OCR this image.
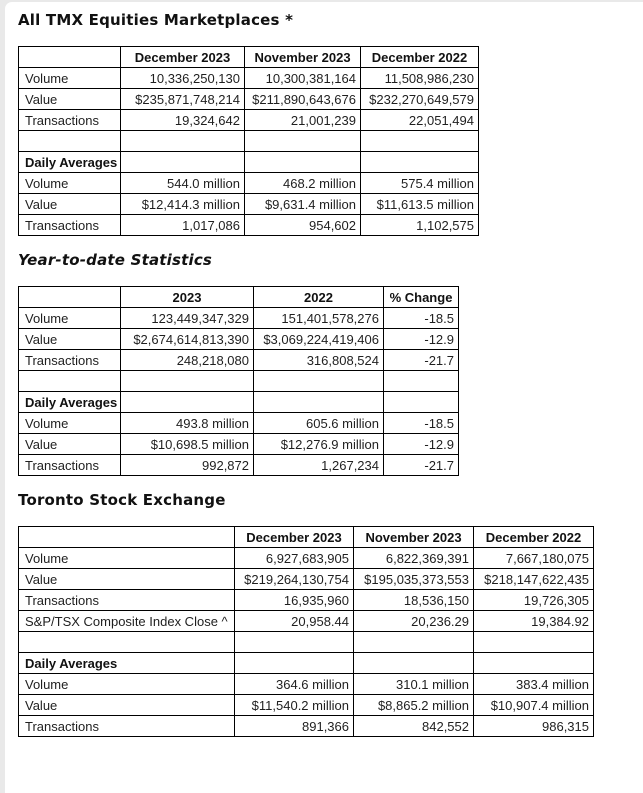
All TMX Equities Marketplaces *
	December 2023	November 2023	December 2022
Volume	10,336,250,130	10,300,381,164	11,508,986,230
Value	$235,871,748,214	$211,890,643,676	$232,270,649,579
Transactions	19,324,642	21,001,239	22,051,494

Daily Averages			
Volume	544.0 million	468.2 million	575.4 million
Value	$12,414.3 million	$9,631.4 million	$11,613.5 million
Transactions	1,017,086	954,602	1,102,575
Year-to-date Statistics
	2023	2022	% Change
Volume	123,449,347,329	151,401,578,276	-18.5
Value	$2,674,614,813,390	$3,069,224,419,406	-12.9
Transactions	248,218,080	316,808,524	-21.7

Daily Averages			
Volume	493.8 million	605.6 million	-18.5
Value	$10,698.5 million	$12,276.9 million	-12.9
Transactions	992,872	1,267,234	-21.7
Toronto Stock Exchange
	December 2023	November 2023	December 2022
Volume	6,927,683,905	6,822,369,391	7,667,180,075
Value	$219,264,130,754	$195,035,373,553	$218,147,622,435
Transactions	16,935,960	18,536,150	19,726,305
S&P/TSX Composite Index Close ^	20,958.44	20,236.29	19,384.92

Daily Averages			
Volume	364.6 million	310.1 million	383.4 million
Value	$11,540.2 million	$8,865.2 million	$10,907.4 million
Transactions	891,366	842,552	986,315
